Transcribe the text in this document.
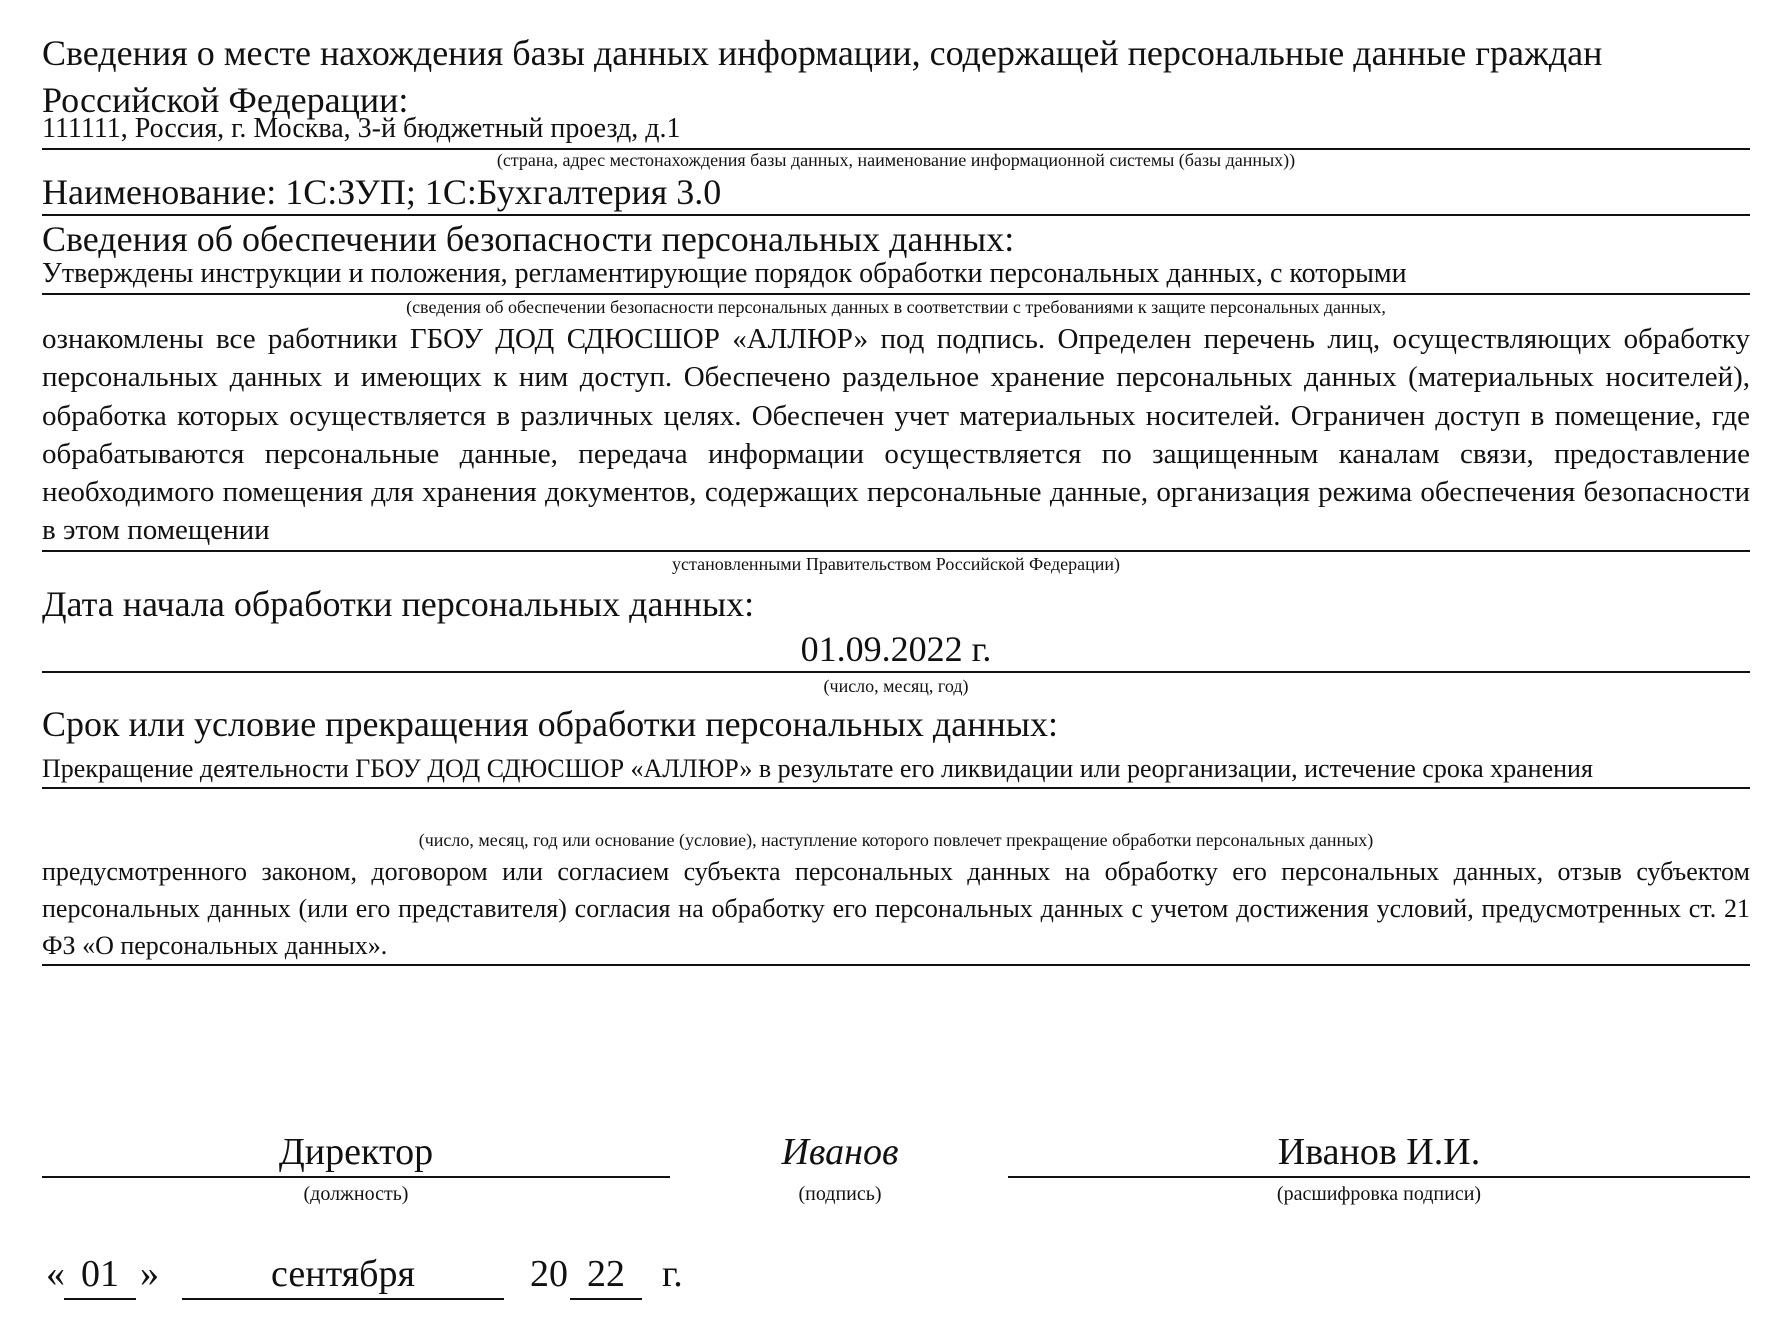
Сведения о месте нахождения базы данных информации, содержащей персональные данные граждан Российской Федерации:
111111, Россия, г. Москва, 3-й бюджетный проезд, д.1
(страна, адрес местонахождения базы данных, наименование информационной системы (базы данных))
Наименование: 1С:ЗУП; 1С:Бухгалтерия 3.0
Сведения об обеспечении безопасности персональных данных:
Утверждены инструкции и положения, регламентирующие порядок обработки персональных данных, с которыми
(сведения об обеспечении безопасности персональных данных в соответствии с требованиями к защите персональных данных,
ознакомлены все работники ГБОУ ДОД СДЮСШОР «АЛЛЮР» под подпись. Определен перечень лиц, осуществляющих обработку персональных данных и имеющих к ним доступ. Обеспечено раздельное хранение персональных данных (материальных носителей), обработка которых осуществляется в различных целях. Обеспечен учет материальных носителей. Ограничен доступ в помещение, где обрабатываются персональные данные, передача информации осуществляется по защищенным каналам связи, предоставление необходимого помещения для хранения документов, содержащих персональные данные, организация режима обеспечения безопасности в этом помещении
установленными Правительством Российской Федерации)
Дата начала обработки персональных данных:
01.09.2022 г.
(число, месяц, год)
Срок или условие прекращения обработки персональных данных:
Прекращение деятельности ГБОУ ДОД СДЮСШОР «АЛЛЮР» в результате его ликвидации или реорганизации, истечение срока хранения
(число, месяц, год или основание (условие), наступление которого повлечет прекращение обработки персональных данных)
предусмотренного законом, договором или согласием субъекта персональных данных на обработку его персональных данных, отзыв субъектом персональных данных (или его представителя) согласия на обработку его персональных данных с учетом достижения условий, предусмотренных ст. 21 ФЗ «О персональных данных».
Директор
(должность)
Иванов
(подпись)
Иванов И.И.
(расшифровка подписи)
« 01 »	сентября	20 22 г.
